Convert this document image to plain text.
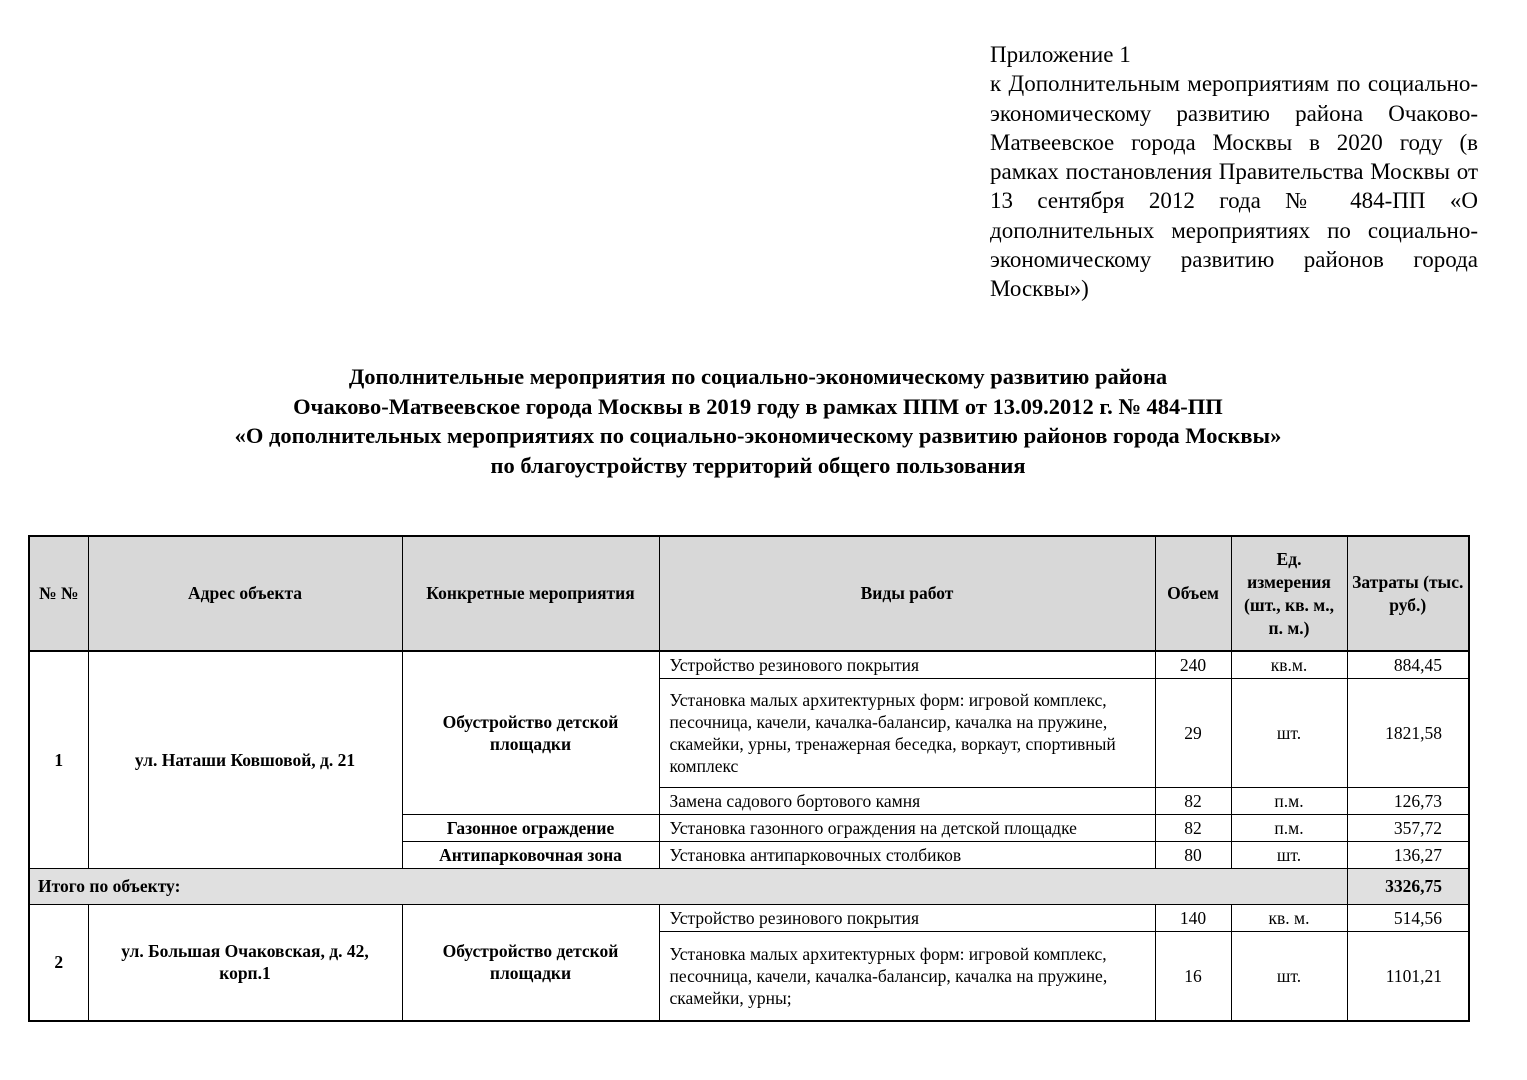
Приложение 1
к Дополнительным мероприятиям по социально-экономическому развитию района Очаково-Матвеевское города Москвы в 2020 году (в рамках постановления Правительства Москвы от 13 сентября 2012 года № 484-ПП «О дополнительных мероприятиях по социально-экономическому развитию районов города Москвы»)
Дополнительные мероприятия по социально-экономическому развитию района
Очаково-Матвеевское города Москвы в 2019 году в рамках ППМ от 13.09.2012 г. № 484-ПП
«О дополнительных мероприятиях по социально-экономическому развитию районов города Москвы»
по благоустройству территорий общего пользования
№ №	Адрес объекта	Конкретные мероприятия	Виды работ	Объем	Ед. измерения (шт., кв. м., п. м.)	Затраты (тыс. руб.)
1	ул. Наташи Ковшовой, д. 21	Обустройство детской площадки	Устройство резинового покрытия	240	кв.м.	884,45
			Установка малых архитектурных форм: игровой комплекс, песочница, качели, качалка-балансир, качалка на пружине, скамейки, урны, тренажерная беседка, воркаут, спортивный комплекс	29	шт.	1821,58
			Замена садового бортового камня	82	п.м.	126,73
		Газонное ограждение	Установка газонного ограждения на детской площадке	82	п.м.	357,72
		Антипарковочная зона	Установка антипарковочных столбиков	80	шт.	136,27
Итого по объекту:						3326,75
2	ул. Большая Очаковская, д. 42, корп.1	Обустройство детской площадки	Устройство резинового покрытия	140	кв. м.	514,56
			Установка малых архитектурных форм: игровой комплекс, песочница, качели, качалка-балансир, качалка на пружине, скамейки, урны;	16	шт.	1101,21
